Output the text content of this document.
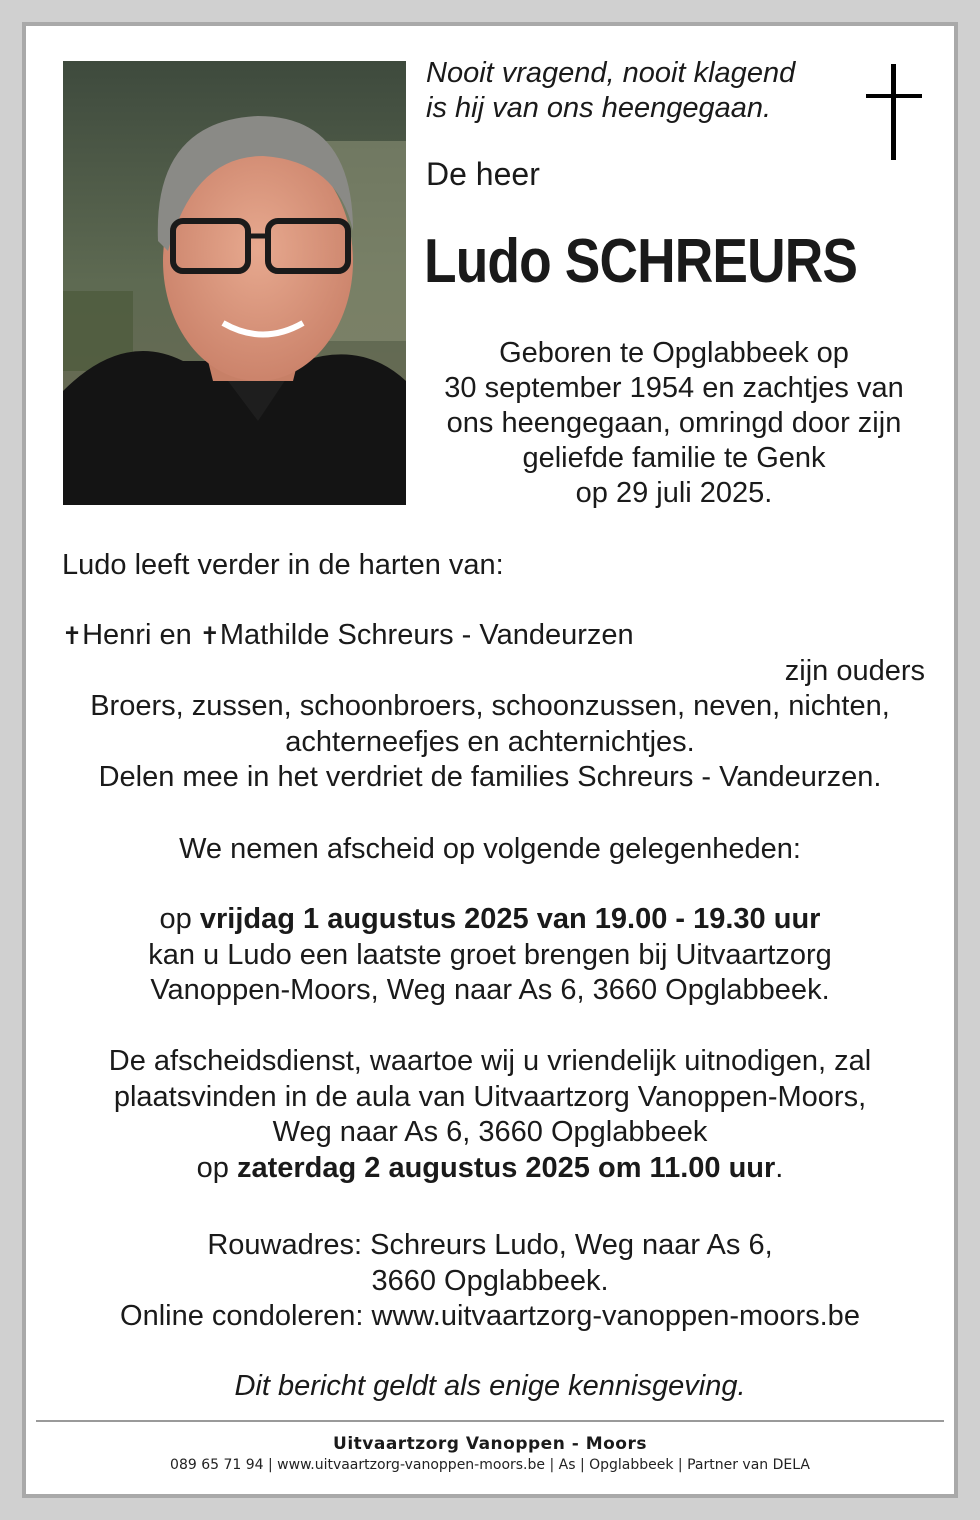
Nooit vragend, nooit klagend
is hij van ons heengegaan.
De heer
Ludo SCHREURS
Geboren te Opglabbeek op
30 september 1954 en zachtjes van
ons heengegaan, omringd door zijn
geliefde familie te Genk
op 29 juli 2025.
Ludo leeft verder in de harten van:
✝Henri en ✝Mathilde Schreurs - Vandeurzen
zijn ouders
Broers, zussen, schoonbroers, schoonzussen, neven, nichten,
achterneefjes en achternichtjes.
Delen mee in het verdriet de families Schreurs - Vandeurzen.
We nemen afscheid op volgende gelegenheden:
op vrijdag 1 augustus 2025 van 19.00 - 19.30 uur
kan u Ludo een laatste groet brengen bij Uitvaartzorg
Vanoppen-Moors, Weg naar As 6, 3660 Opglabbeek.
De afscheidsdienst, waartoe wij u vriendelijk uitnodigen, zal
plaatsvinden in de aula van Uitvaartzorg Vanoppen-Moors,
Weg naar As 6, 3660 Opglabbeek
op zaterdag 2 augustus 2025 om 11.00 uur.
Rouwadres: Schreurs Ludo, Weg naar As 6,
3660 Opglabbeek.
Online condoleren: www.uitvaartzorg-vanoppen-moors.be
Dit bericht geldt als enige kennisgeving.
Uitvaartzorg Vanoppen - Moors
089 65 71 94 | www.uitvaartzorg-vanoppen-moors.be | As | Opglabbeek | Partner van DELA
